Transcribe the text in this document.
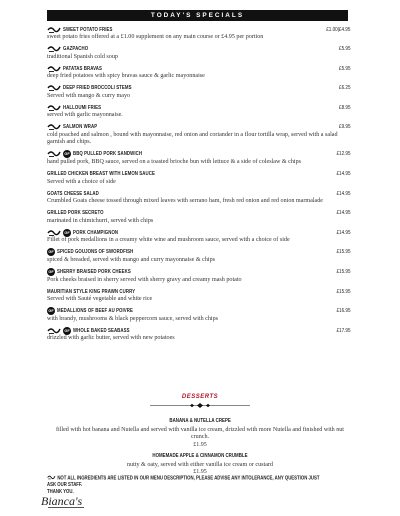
TODAY'S SPECIALS
SWEET POTATO FRIES	£1.00|£4.95
sweet potato fries offered at a £1.00 supplement on any main course or £4.95 per portion
GAZPACHO	£5.95
traditional Spanish cold soup
PATATAS BRAVAS	£5.95
deep fried potatoes with spicy bravas sauce & garlic mayonnaise
DEEP FRIED BROCCOLI STEMS	£6.25
Served with mango & curry mayo
HALLOUMI FRIES	£8.95
served with garlic mayonnaise.
SALMON WRAP	£9.95
cold poached and salmon , bound with mayonnaise, red onion and coriander in a flour tortilla wrap, served with a salad garnish and chips.
GF BBQ PULLED PORK SANDWICH	£12.95
hand pulled pork, BBQ sauce, served on a toasted brioche bun with lettuce & a side of coleslaw & chips
GRILLED CHICKEN BREAST WITH LEMON SAUCE	£14.95
Served with a choice of side
GOATS CHEESE SALAD	£14.95
Crumbled Goats cheese tossed through mixed leaves with serrano ham, fresh red onion and red onion marmalade
GRILLED PORK SECRETO	£14.95
marinated in chimichurri, served with chips
GF PORK CHAMPIGNON	£14.95
Fillet of pork medallions in a creamy white wine and mushroom sauce, served with a choice of side
GF SPICED GOUJONS OF SWORDFISH	£15.95
spiced & breaded, served with mango and curry mayonnaise & chips
GF SHERRY BRAISED PORK CHEEKS	£15.95
Pork cheeks braised in sherry served with sherry gravy and creamy mash potato
MAURITIAN STYLE KING PRAWN CURRY	£15.95
Served with Sauté vegetable and white rice
GF MEDALLIONS OF BEEF AU POIVRE	£16.95
with brandy, mushrooms & black peppercorn sauce, served with chips
GF WHOLE BAKED SEABASS	£17.95
drizzled with garlic butter, served with new potatoes
DESSERTS
BANANA & NUTELLA CREPE
filled with hot banana and Nutella and served with vanilla ice cream, drizzled with more Nutella and finished with nut crunch.
£1.95
HOMEMADE APPLE & CINNAMON CRUMBLE
nutty & oaty, served with either vanilla ice cream or custard
£1.95
NOT ALL INGREDIENTS ARE LISTED IN OUR MENU DESCRIPTION, PLEASE ADVISE ANY INTOLERANCE, ANY QUESTION JUST ASK OUR STAFF.
THANK YOU.
Bianca's
